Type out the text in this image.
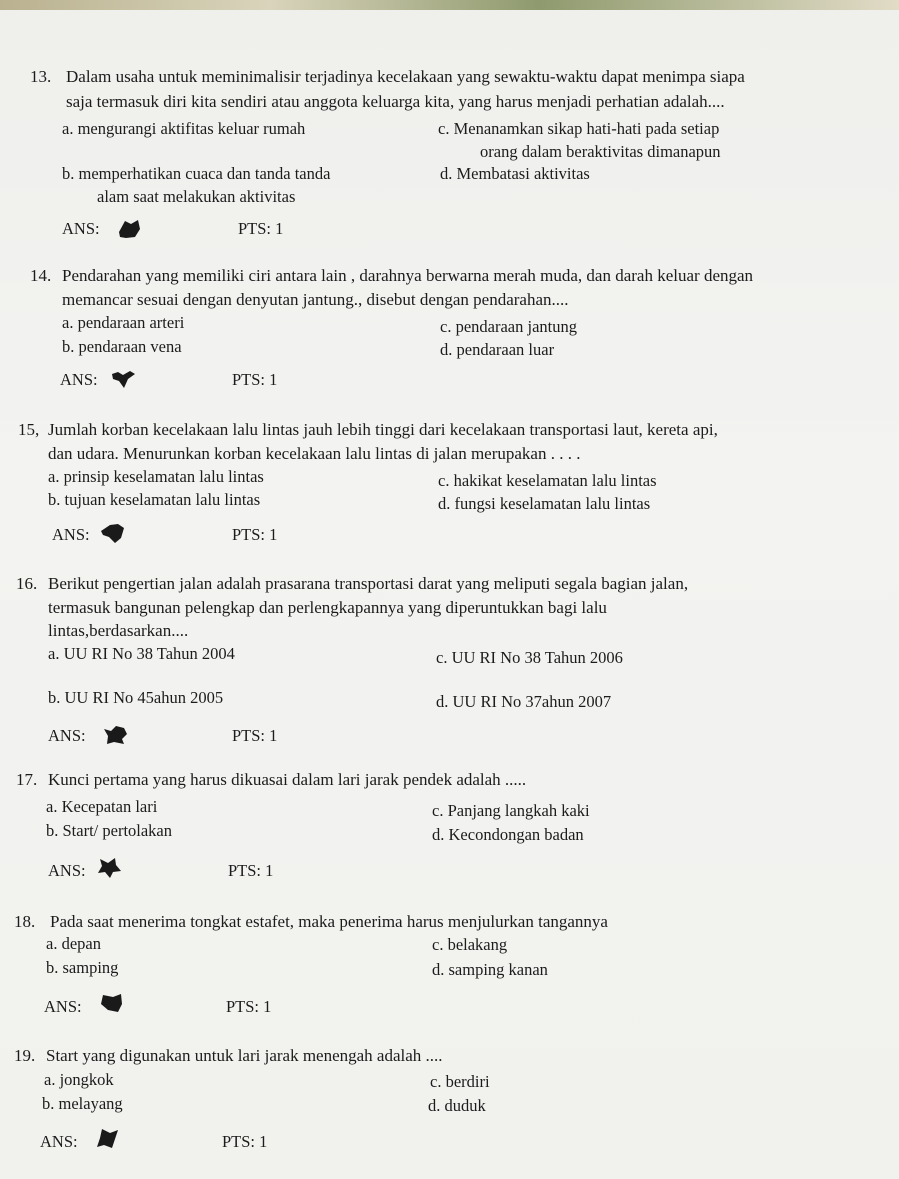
13. Dalam usaha untuk meminimalisir terjadinya kecelakaan yang sewaktu-waktu dapat menimpa siapa
saja termasuk diri kita sendiri atau anggota keluarga kita, yang harus menjadi perhatian adalah....
a. mengurangi aktifitas keluar rumah	c. Menanamkan sikap hati-hati pada setiap
orang dalam beraktivitas dimanapun
b. memperhatikan cuaca dan tanda tanda	d. Membatasi aktivitas
alam saat melakukan aktivitas
ANS:	PTS: 1
14. Pendarahan yang memiliki ciri antara lain , darahnya berwarna merah muda, dan darah keluar dengan
memancar sesuai dengan denyutan jantung., disebut dengan pendarahan....
a. pendaraan arteri	c. pendaraan jantung
b. pendaraan vena	d. pendaraan luar
ANS:	PTS: 1
15, Jumlah korban kecelakaan lalu lintas jauh lebih tinggi dari kecelakaan transportasi laut, kereta api,
dan udara. Menurunkan korban kecelakaan lalu lintas di jalan merupakan . . . .
a. prinsip keselamatan lalu lintas	c. hakikat keselamatan lalu lintas
b. tujuan keselamatan lalu lintas	d. fungsi keselamatan lalu lintas
ANS:	PTS: 1
16. Berikut pengertian jalan adalah prasarana transportasi darat yang meliputi segala bagian jalan,
termasuk bangunan pelengkap dan perlengkapannya yang diperuntukkan bagi lalu
lintas,berdasarkan....
a. UU RI No 38 Tahun 2004	c. UU RI No 38 Tahun 2006
b. UU RI No 45ahun 2005	d. UU RI No 37ahun 2007
ANS:	PTS: 1
17. Kunci pertama yang harus dikuasai dalam lari jarak pendek adalah .....
a. Kecepatan lari	c. Panjang langkah kaki
b. Start/ pertolakan	d. Kecondongan badan
ANS:	PTS: 1
18. Pada saat menerima tongkat estafet, maka penerima harus menjulurkan tangannya
a. depan	c. belakang
b. samping	d. samping kanan
ANS:	PTS: 1
19. Start yang digunakan untuk lari jarak menengah adalah ....
a. jongkok	c. berdiri
b. melayang	d. duduk
ANS:	PTS: 1
